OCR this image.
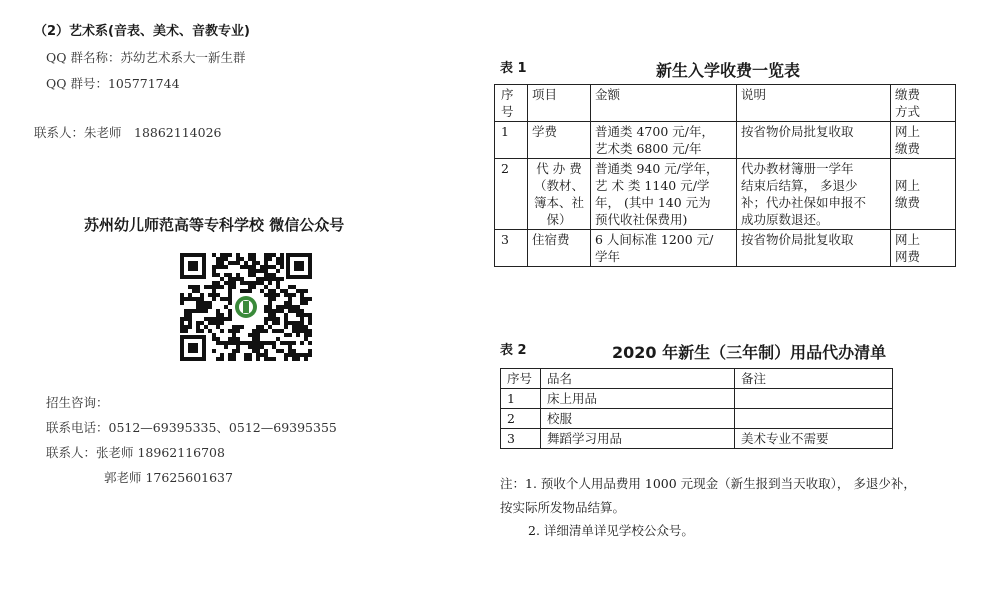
（2）艺术系(音表、美术、音教专业)
QQ 群名称：苏幼艺术系大一新生群
QQ 群号：105771744
联系人：朱老师　18862114026
苏州幼儿师范高等专科学校 微信公众号
招生咨询：
联系电话：0512—69395335、0512—69395355
联系人：张老师 18962116708
郭老师 17625601637
表 1	新生入学收费一览表
序
号	项目	金额	说明	缴费
方式

1	学费	普通类 4700 元/年，
艺术类 6800 元/年	按省物价局批复收取	网上
缴费

2	代 办 费
（教材、
簿本、社
保）	普通类 940 元/学年，
艺 术 类 1140 元/学
年， (其中 140 元为
预代收社保费用)	代办教材簿册一学年
结束后结算， 多退少
补；代办社保如申报不
成功原数退还。	网上
缴费

3	住宿费	6 人间标准 1200 元/
学年	按省物价局批复收取	网上
网费
表 2	2020 年新生（三年制）用品代办清单
序号	品名	备注
1	床上用品	
2	校服	
3	舞蹈学习用品	美术专业不需要
注：1. 预收个人用品费用 1000 元现金（新生报到当天收取）， 多退少补，
按实际所发物品结算。
2. 详细清单详见学校公众号。
